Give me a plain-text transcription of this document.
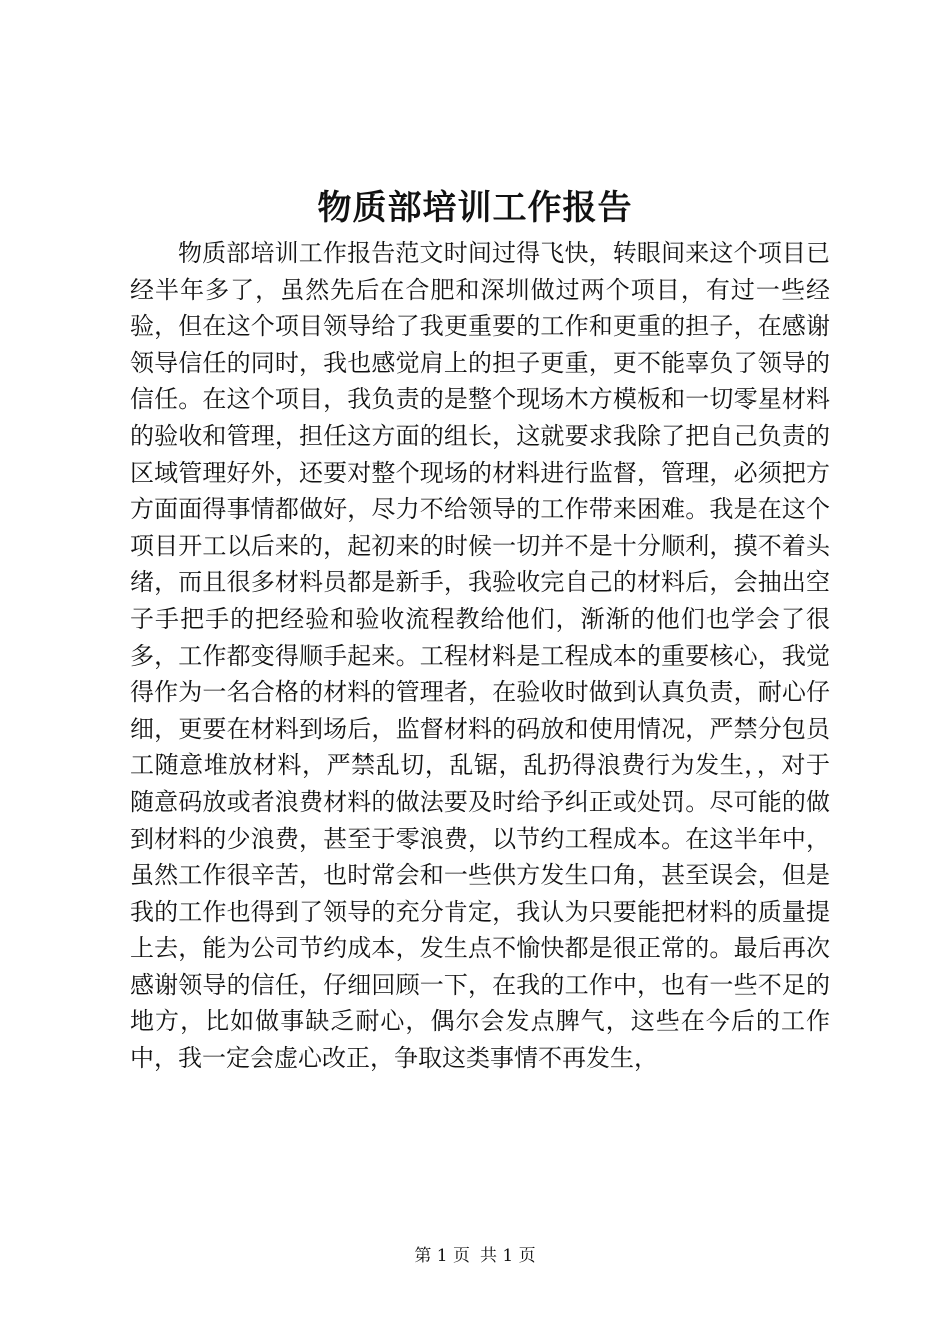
物质部培训工作报告

物质部培训工作报告范文时间过得飞快，转眼间来这个项目已经半年多了，虽然先后在合肥和深圳做过两个项目，有过一些经验，但在这个项目领导给了我更重要的工作和更重的担子，在感谢领导信任的同时，我也感觉肩上的担子更重，更不能辜负了领导的信任。在这个项目，我负责的是整个现场木方模板和一切零星材料的验收和管理，担任这方面的组长，这就要求我除了把自己负责的区域管理好外，还要对整个现场的材料进行监督，管理，必须把方方面面得事情都做好，尽力不给领导的工作带来困难。我是在这个项目开工以后来的，起初来的时候一切并不是十分顺利，摸不着头绪，而且很多材料员都是新手，我验收完自己的材料后，会抽出空子手把手的把经验和验收流程教给他们，渐渐的他们也学会了很多，工作都变得顺手起来。工程材料是工程成本的重要核心，我觉得作为一名合格的材料的管理者，在验收时做到认真负责，耐心仔细，更要在材料到场后，监督材料的码放和使用情况，严禁分包员工随意堆放材料，严禁乱切，乱锯，乱扔得浪费行为发生，，对于随意码放或者浪费材料的做法要及时给予纠正或处罚。尽可能的做到材料的少浪费，甚至于零浪费，以节约工程成本。在这半年中，虽然工作很辛苦，也时常会和一些供方发生口角，甚至误会，但是我的工作也得到了领导的充分肯定，我认为只要能把材料的质量提上去，能为公司节约成本，发生点不愉快都是很正常的。最后再次感谢领导的信任，仔细回顾一下，在我的工作中，也有一些不足的地方，比如做事缺乏耐心，偶尔会发点脾气，这些在今后的工作中，我一定会虚心改正，争取这类事情不再发生，

第 1 页 共 1 页
